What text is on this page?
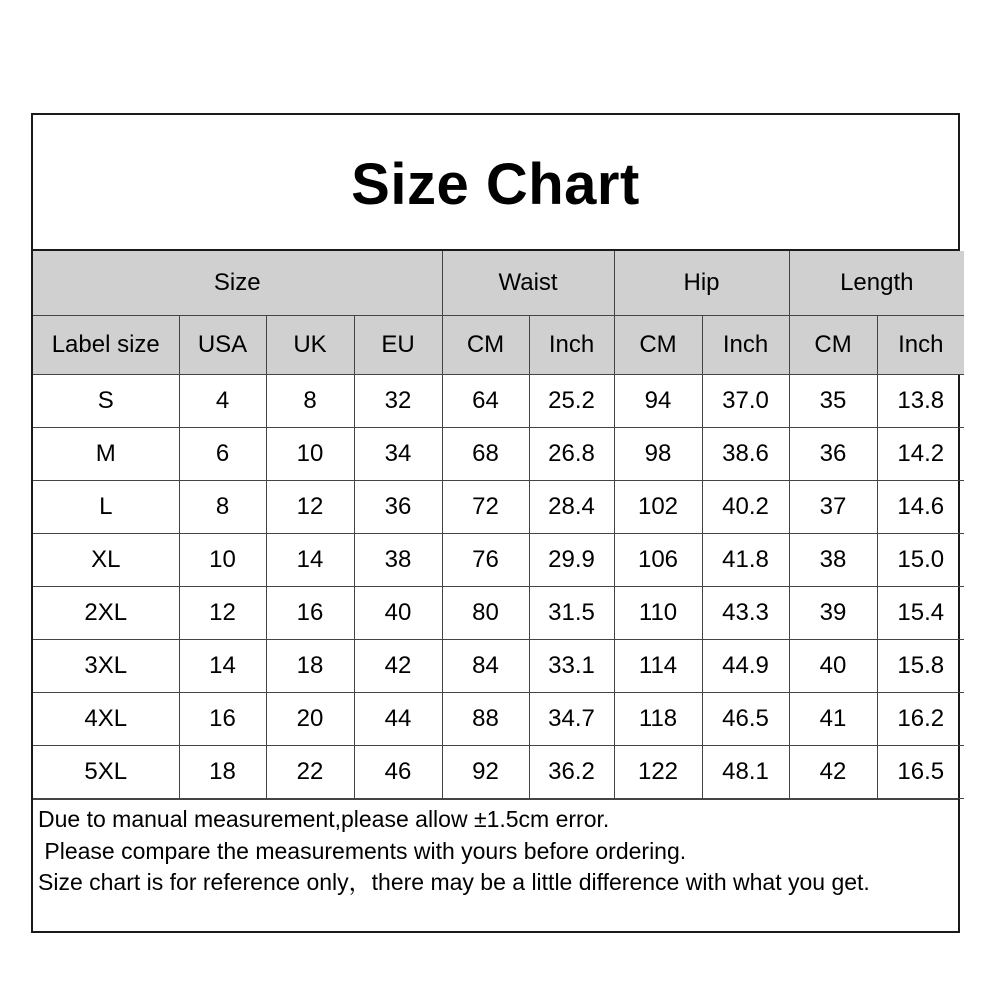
Size Chart
Size				Waist		Hip		Length	
Label size	USA	UK	EU	CM	Inch	CM	Inch	CM	Inch
S	4	8	32	64	25.2	94	37.0	35	13.8
M	6	10	34	68	26.8	98	38.6	36	14.2
L	8	12	36	72	28.4	102	40.2	37	14.6
XL	10	14	38	76	29.9	106	41.8	38	15.0
2XL	12	16	40	80	31.5	110	43.3	39	15.4
3XL	14	18	42	84	33.1	114	44.9	40	15.8
4XL	16	20	44	88	34.7	118	46.5	41	16.2
5XL	18	22	46	92	36.2	122	48.1	42	16.5
Due to manual measurement,please allow ±1.5cm error.
Please compare the measurements with yours before ordering.
Size chart is for reference only，there may be a little difference with what you get.
